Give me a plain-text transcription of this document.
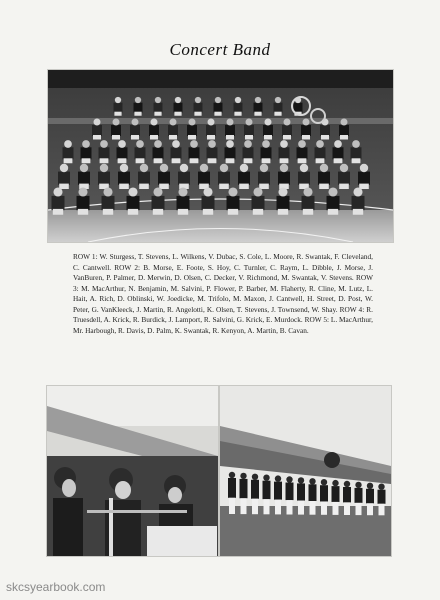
Concert Band

ROW 1: W. Sturgess, T. Stevens, L. Wilkens, V. Dubac, S. Cole, L. Moore, R. Swantak, F. Cleveland, C. Cantwell. ROW 2: B. Morse, E. Foote, S. Hoy, C. Turnler, C. Raym, L. Dibble, J. Morse, J. VanBuren, P. Palmer, D. Merwin, D. Olsen, C. Decker, V. Richmond, M. Swantak, V. Stevens. ROW 3: M. MacArthur, N. Benjamin, M. Salvini, P. Flower, P. Barber, M. Flaherty, R. Cline, M. Lutz, L. Hait, A. Rich, D. Oblinski, W. Joedicke, M. Trifolo, M. Maxon, J. Cantwell, H. Street, D. Post, W. Peter, G. VanKleeck, J. Martin, R. Angelotti, K. Olsen, T. Stevens, J. Townsend, W. Shay. ROW 4: R. Truesdell, A. Krick, R. Burdick, J. Lamport, R. Salvini, G. Krick, E. Murdock. ROW 5: L. MacArthur, Mr. Harbough, R. Davis, D. Palm, K. Swantak, R. Kenyon, A. Martin, B. Cavan.

skcsyearbook.com
